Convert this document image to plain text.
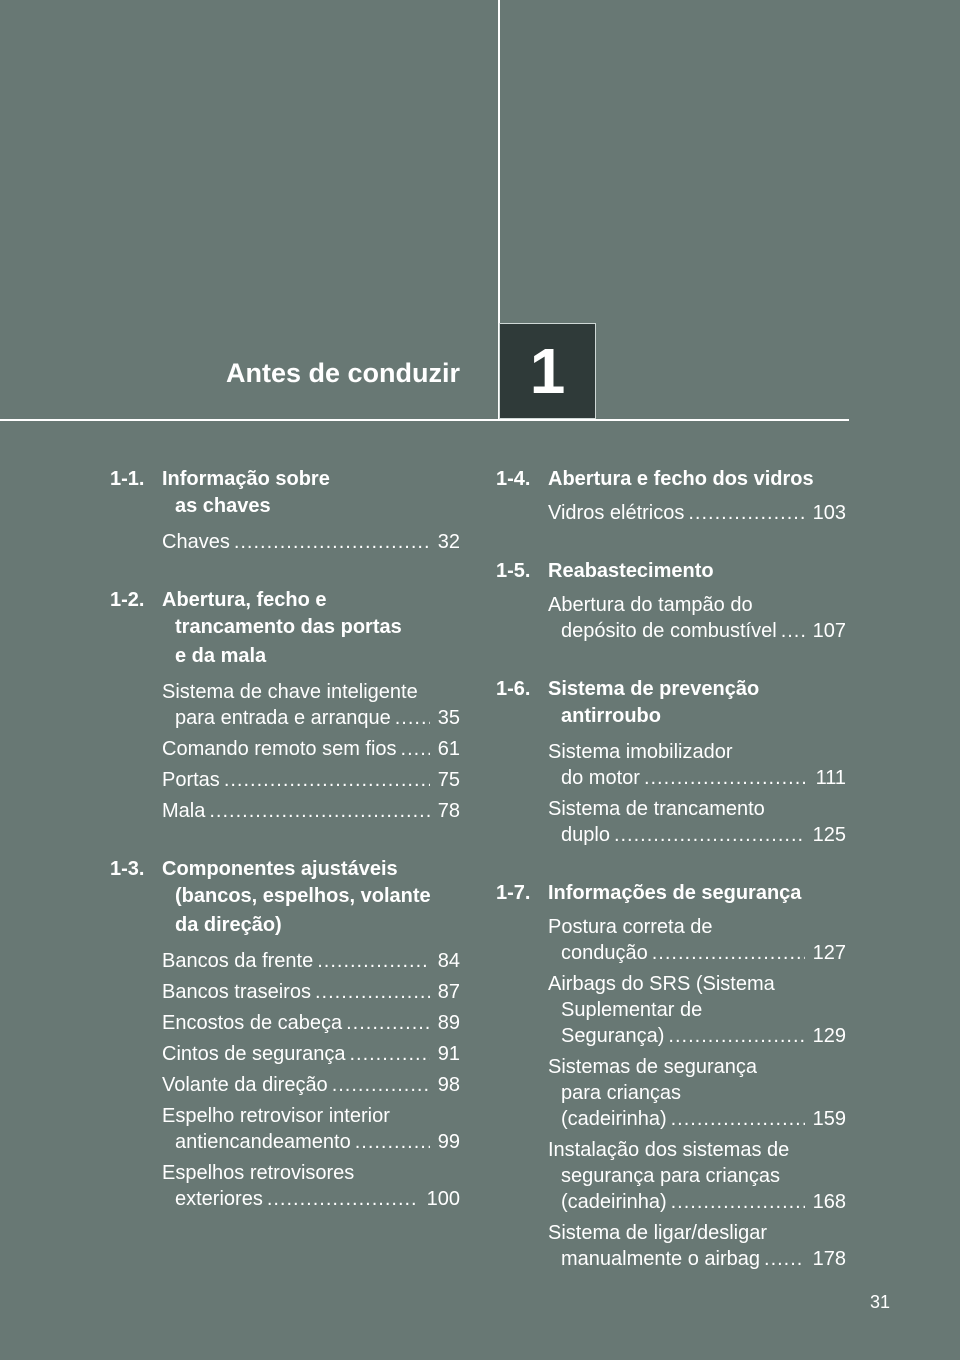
Antes de conduzir 1
1-1. Informação sobre
as chaves
Chaves .....	32
1-2. Abertura, fecho e
trancamento das portas
e da mala
Sistema de chave inteligente
para entrada e arranque ..... 35
Comando remoto sem fios ..... 61
Portas .....	75
Mala .....	78
1-3. Componentes ajustáveis
(bancos, espelhos, volante
da direção)
Bancos da frente .....	84
Bancos traseiros .....	87
Encostos de cabeça .....	89
Cintos de segurança .....	91
Volante da direção .....	98
Espelho retrovisor interior
antiencandeamento .....	99
Espelhos retrovisores
exteriores .....	100
1-4. Abertura e fecho dos vidros
Vidros elétricos .....	103
1-5. Reabastecimento
Abertura do tampão do
depósito de combustível ..... 107
1-6. Sistema de prevenção
antirroubo
Sistema imobilizador
do motor .....	111
Sistema de trancamento
duplo .....	125
1-7. Informações de segurança
Postura correta de
condução .....	127
Airbags do SRS (Sistema
Suplementar de
Segurança) .....	129
Sistemas de segurança
para crianças
(cadeirinha) .....	159
Instalação dos sistemas de
segurança para crianças
(cadeirinha) .....	168
Sistema de ligar/desligar
manualmente o airbag .....	178
31
